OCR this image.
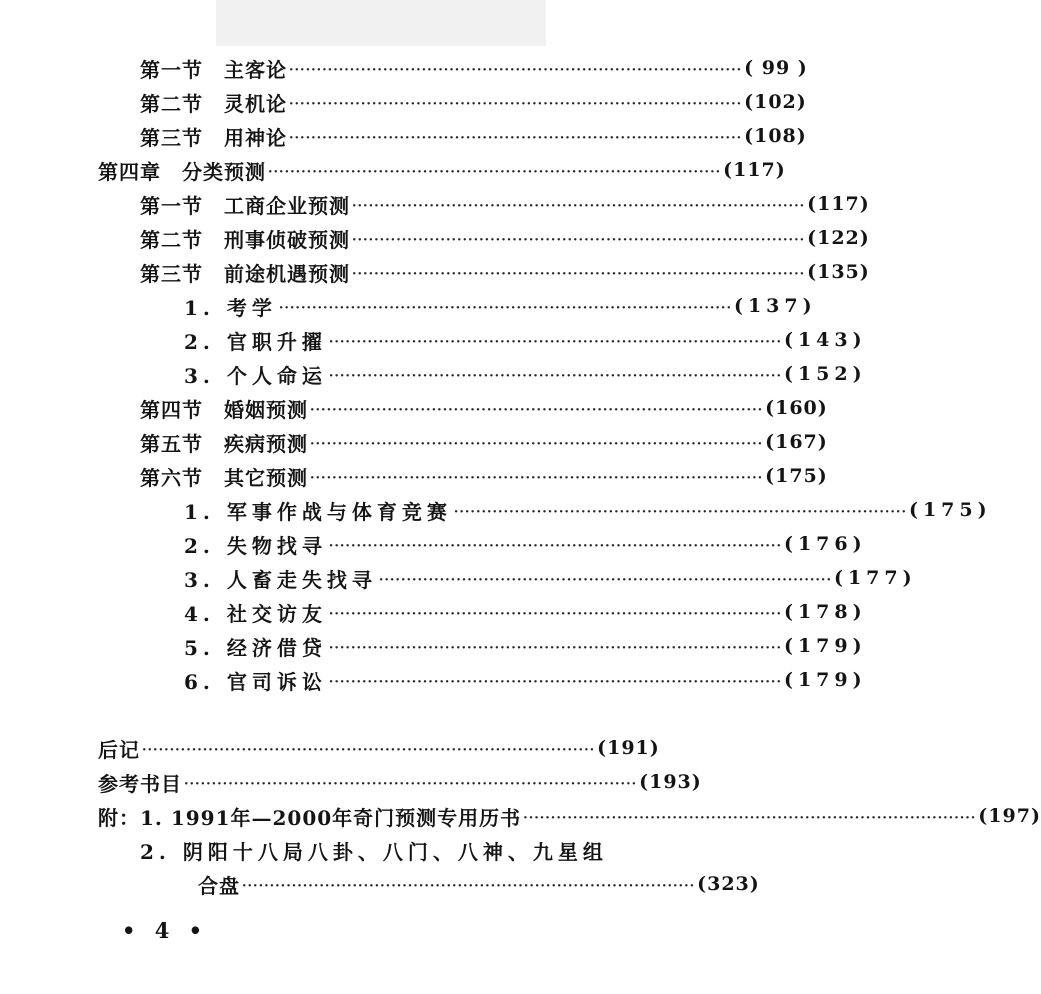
第一节　主客论 ·················································································· ( 99 )
第二节　灵机论 ·················································································· (102)
第三节　用神论 ·················································································· (108)
第四章　分类预测 ·················································································· (117)
第一节　工商企业预测 ·················································································· (117)
第二节　刑事侦破预测 ·················································································· (122)
第三节　前途机遇预测 ·················································································· (135)
1. 考学 ·················································································· (137)
2. 官职升擢 ·················································································· (143)
3. 个人命运 ·················································································· (152)
第四节　婚姻预测 ·················································································· (160)
第五节　疾病预测 ·················································································· (167)
第六节　其它预测 ·················································································· (175)
1. 军事作战与体育竞赛 ·················································································· (175)
2. 失物找寻 ·················································································· (176)
3. 人畜走失找寻 ·················································································· (177)
4. 社交访友 ·················································································· (178)
5. 经济借贷 ·················································································· (179)
6. 官司诉讼 ·················································································· (179)
后记 ·················································································· (191)
参考书目 ·················································································· (193)
附：1. 1991年—2000年奇门预测专用历书 ·················································································· (197)
2. 阴阳十八局八卦、八门、八神、九星组
合盘 ·················································································· (323)
• 4 •
